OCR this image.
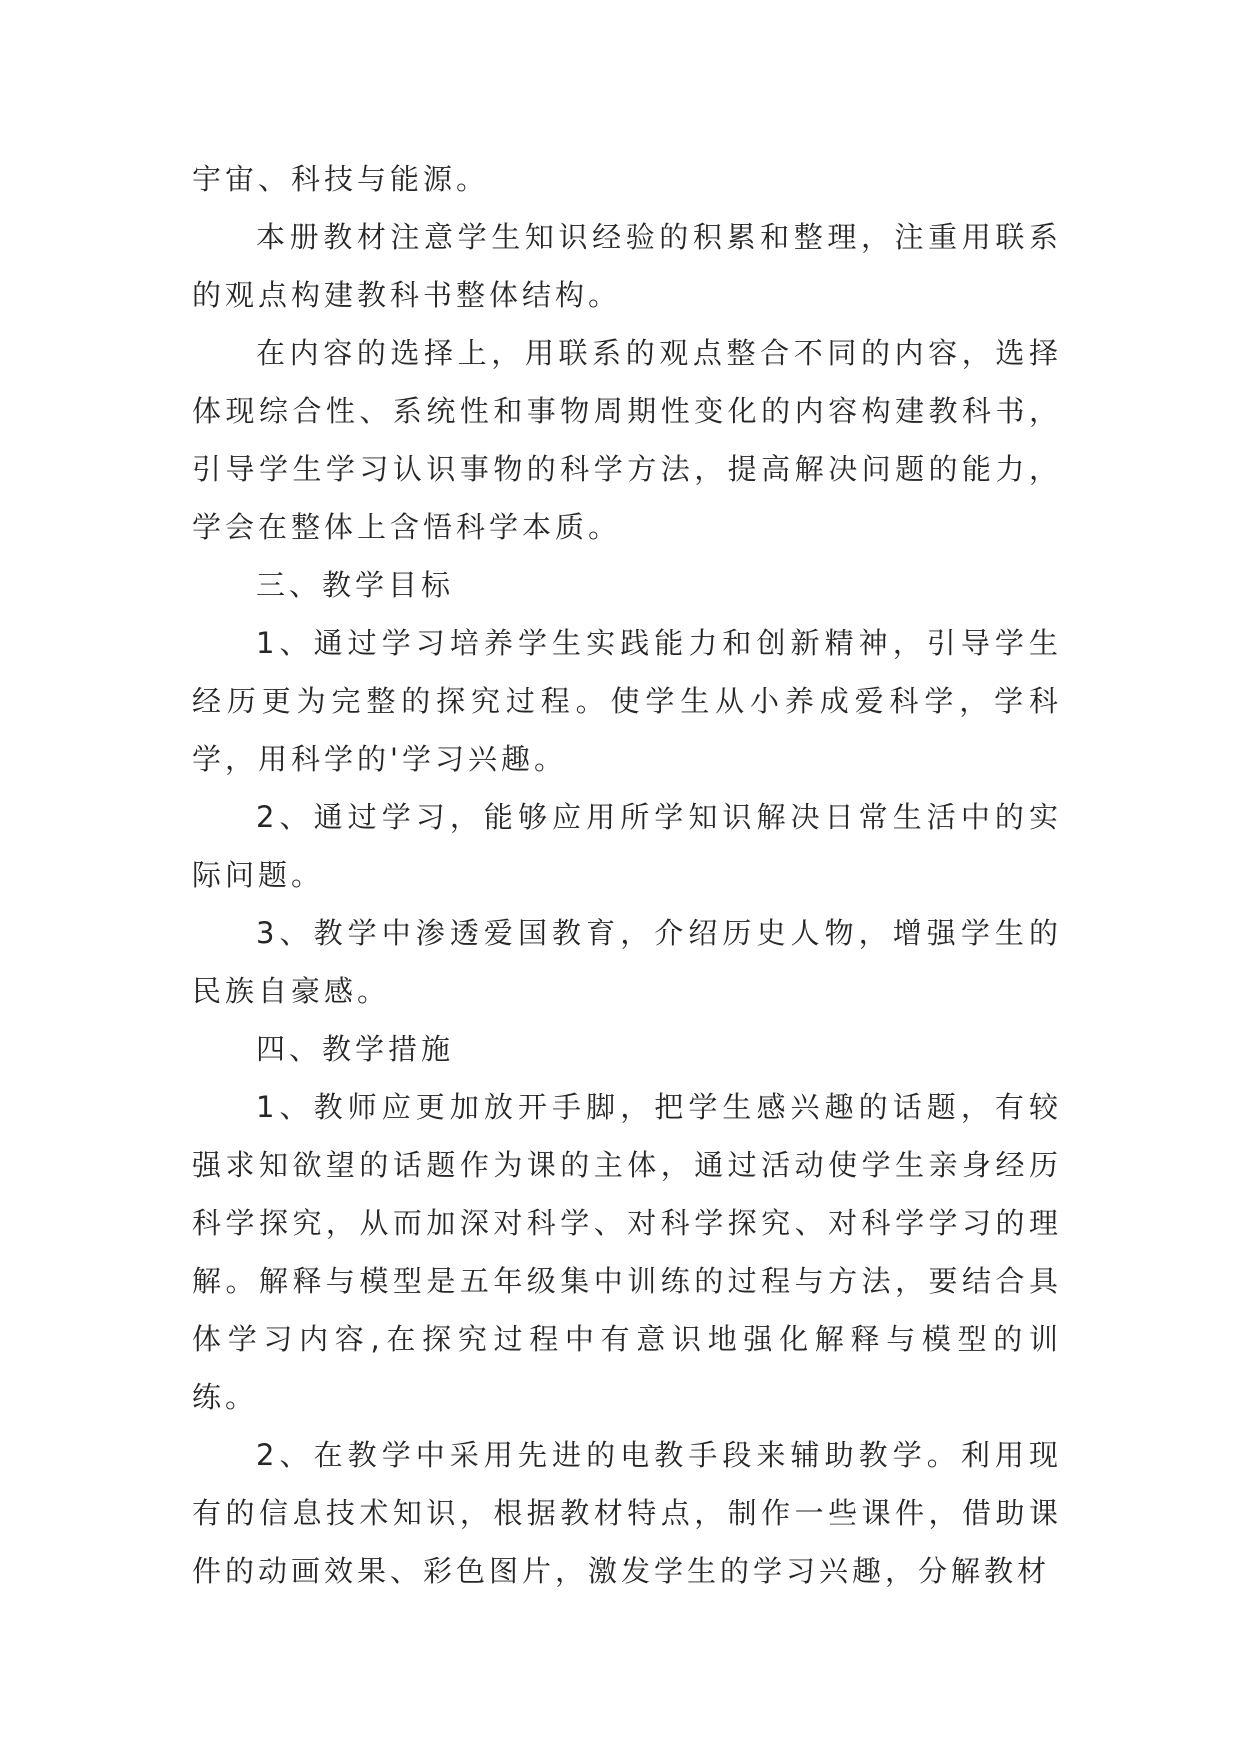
宇宙、科技与能源。

本册教材注意学生知识经验的积累和整理，注重用联系的观点构建教科书整体结构。

在内容的选择上，用联系的观点整合不同的内容，选择体现综合性、系统性和事物周期性变化的内容构建教科书，引导学生学习认识事物的科学方法，提高解决问题的能力，学会在整体上含悟科学本质。

三、教学目标

1、通过学习培养学生实践能力和创新精神，引导学生经历更为完整的探究过程。使学生从小养成爱科学，学科学，用科学的'学习兴趣。

2、通过学习，能够应用所学知识解决日常生活中的实际问题。

3、教学中渗透爱国教育，介绍历史人物，增强学生的民族自豪感。

四、教学措施

1、教师应更加放开手脚，把学生感兴趣的话题，有较强求知欲望的话题作为课的主体，通过活动使学生亲身经历科学探究，从而加深对科学、对科学探究、对科学学习的理解。解释与模型是五年级集中训练的过程与方法，要结合具体学习内容,在探究过程中有意识地强化解释与模型的训练。

2、在教学中采用先进的电教手段来辅助教学。利用现有的信息技术知识，根据教材特点，制作一些课件，借助课件的动画效果、彩色图片，激发学生的学习兴趣，分解教材
